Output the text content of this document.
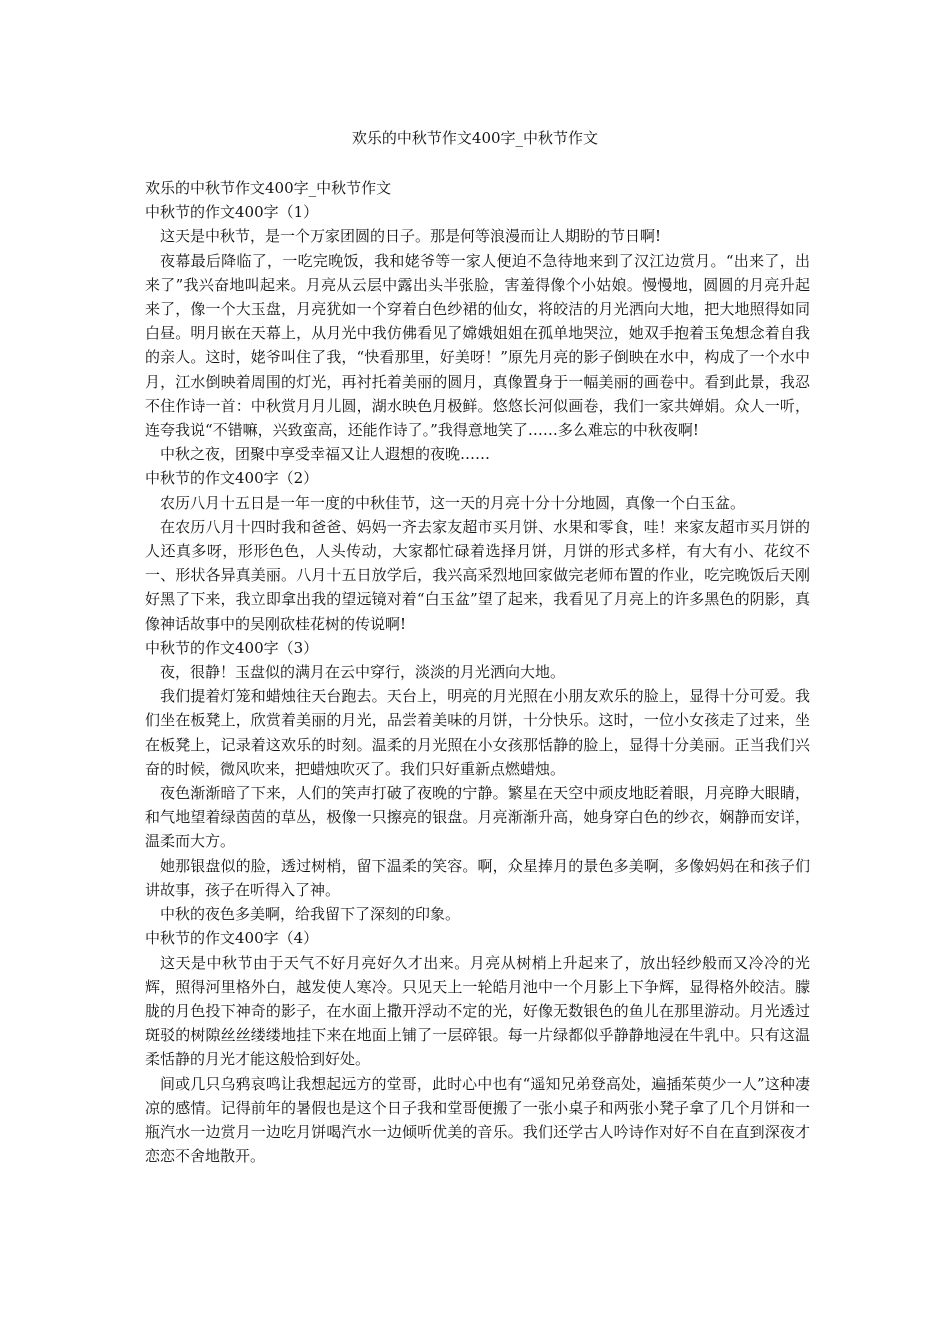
欢乐的中秋节作文400字_中秋节作文

欢乐的中秋节作文400字_中秋节作文

中秋节的作文400字（1）

这天是中秋节，是一个万家团圆的日子。那是何等浪漫而让人期盼的节日啊!

夜幕最后降临了，一吃完晚饭，我和姥爷等一家人便迫不急待地来到了汉江边赏月。“出来了，出来了”我兴奋地叫起来。月亮从云层中露出头半张脸，害羞得像个小姑娘。慢慢地，圆圆的月亮升起来了，像一个大玉盘，月亮犹如一个穿着白色纱裙的仙女，将皎洁的月光洒向大地，把大地照得如同白昼。明月嵌在天幕上，从月光中我仿佛看见了嫦娥姐姐在孤单地哭泣，她双手抱着玉兔想念着自我的亲人。这时，姥爷叫住了我，“快看那里，好美呀！”原先月亮的影子倒映在水中，构成了一个水中月，江水倒映着周围的灯光，再衬托着美丽的圆月，真像置身于一幅美丽的画卷中。看到此景，我忍不住作诗一首：中秋赏月月儿圆，湖水映色月极鲜。悠悠长河似画卷，我们一家共婵娟。众人一听，连夸我说“不错嘛，兴致蛮高，还能作诗了。”我得意地笑了……多么难忘的中秋夜啊!

中秋之夜，团聚中享受幸福又让人遐想的夜晚……

中秋节的作文400字（2）

农历八月十五日是一年一度的中秋佳节，这一天的月亮十分十分地圆，真像一个白玉盆。

在农历八月十四时我和爸爸、妈妈一齐去家友超市买月饼、水果和零食，哇！来家友超市买月饼的人还真多呀，形形色色，人头传动，大家都忙碌着选择月饼，月饼的形式多样，有大有小、花纹不一、形状各异真美丽。八月十五日放学后，我兴高采烈地回家做完老师布置的作业，吃完晚饭后天刚好黑了下来，我立即拿出我的望远镜对着“白玉盆”望了起来，我看见了月亮上的许多黑色的阴影，真像神话故事中的吴刚砍桂花树的传说啊!

中秋节的作文400字（3）

夜，很静！玉盘似的满月在云中穿行，淡淡的月光洒向大地。

我们提着灯笼和蜡烛往天台跑去。天台上，明亮的月光照在小朋友欢乐的脸上，显得十分可爱。我们坐在板凳上，欣赏着美丽的月光，品尝着美味的月饼，十分快乐。这时，一位小女孩走了过来，坐在板凳上，记录着这欢乐的时刻。温柔的月光照在小女孩那恬静的脸上，显得十分美丽。正当我们兴奋的时候，微风吹来，把蜡烛吹灭了。我们只好重新点燃蜡烛。

夜色渐渐暗了下来，人们的笑声打破了夜晚的宁静。繁星在天空中顽皮地眨着眼，月亮睁大眼睛，和气地望着绿茵茵的草丛，极像一只擦亮的银盘。月亮渐渐升高，她身穿白色的纱衣，娴静而安详，温柔而大方。

她那银盘似的脸，透过树梢，留下温柔的笑容。啊，众星捧月的景色多美啊，多像妈妈在和孩子们讲故事，孩子在听得入了神。

中秋的夜色多美啊，给我留下了深刻的印象。

中秋节的作文400字（4）

这天是中秋节由于天气不好月亮好久才出来。月亮从树梢上升起来了，放出轻纱般而又冷冷的光辉，照得河里格外白，越发使人寒冷。只见天上一轮皓月池中一个月影上下争辉，显得格外皎洁。朦胧的月色投下神奇的影子，在水面上撒开浮动不定的光，好像无数银色的鱼儿在那里游动。月光透过斑驳的树隙丝丝缕缕地挂下来在地面上铺了一层碎银。每一片绿都似乎静静地浸在牛乳中。只有这温柔恬静的月光才能这般恰到好处。

间或几只乌鸦哀鸣让我想起远方的堂哥，此时心中也有“遥知兄弟登高处，遍插茱萸少一人”这种凄凉的感情。记得前年的暑假也是这个日子我和堂哥便搬了一张小桌子和两张小凳子拿了几个月饼和一瓶汽水一边赏月一边吃月饼喝汽水一边倾听优美的音乐。我们还学古人吟诗作对好不自在直到深夜才恋恋不舍地散开。
